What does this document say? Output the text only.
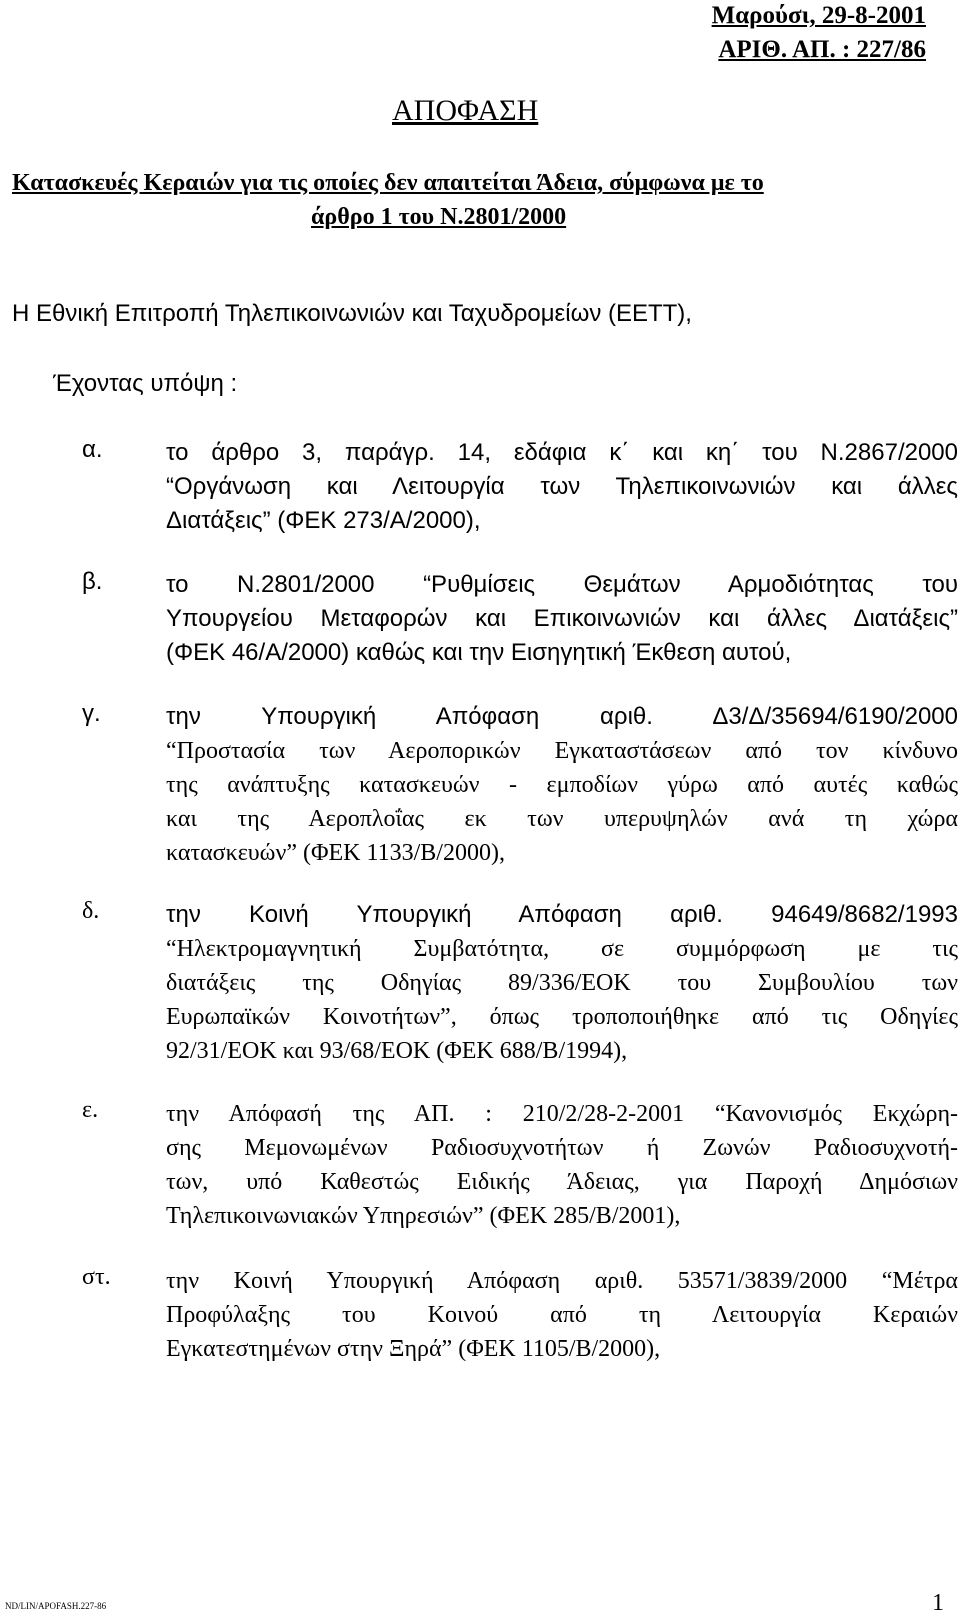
Μαρούσι, 29-8-2001
ΑΡΙΘ. ΑΠ. : 227/86
ΑΠΟΦΑΣΗ
Κατασκευές Κεραιών για τις οποίες δεν απαιτείται Άδεια, σύμφωνα με το
άρθρο 1 του Ν.2801/2000
Η Εθνική Επιτροπή Τηλεπικοινωνιών και Ταχυδρομείων (ΕΕΤΤ),
Έχοντας υπόψη :
α.	το άρθρο 3, παράγρ. 14, εδάφια κ΄ και κη΄ του Ν.2867/2000
“Οργάνωση και Λειτουργία των Τηλεπικοινωνιών και άλλες
Διατάξεις” (ΦΕΚ 273/Α/2000),
β.	το Ν.2801/2000 “Ρυθμίσεις Θεμάτων Αρμοδιότητας του
Υπουργείου Μεταφορών και Επικοινωνιών και άλλες Διατάξεις”
(ΦΕΚ 46/Α/2000) καθώς και την Εισηγητική Έκθεση αυτού,
γ.	την Υπουργική Απόφαση αριθ. Δ3/Δ/35694/6190/2000
“Προστασία των Αεροπορικών Εγκαταστάσεων από τον κίνδυνο
της ανάπτυξης κατασκευών - εμποδίων γύρω από αυτές καθώς
και της Αεροπλοΐας εκ των υπερυψηλών ανά τη χώρα
κατασκευών” (ΦΕΚ 1133/Β/2000),
δ.	την Κοινή Υπουργική Απόφαση αριθ. 94649/8682/1993
“Ηλεκτρομαγνητική Συμβατότητα, σε συμμόρφωση με τις
διατάξεις της Οδηγίας 89/336/ΕΟΚ του Συμβουλίου των
Ευρωπαϊκών Κοινοτήτων”, όπως τροποποιήθηκε από τις Οδηγίες
92/31/ΕΟΚ και 93/68/ΕΟΚ (ΦΕΚ 688/Β/1994),
ε.	την Απόφασή της ΑΠ. : 210/2/28-2-2001 “Κανονισμός Εκχώρη-
σης Μεμονωμένων Ραδιοσυχνοτήτων ή Ζωνών Ραδιοσυχνοτή-
των, υπό Καθεστώς Ειδικής Άδειας, για Παροχή Δημόσιων
Τηλεπικοινωνιακών Υπηρεσιών” (ΦΕΚ 285/Β/2001),
στ. την Κοινή Υπουργική Απόφαση αριθ. 53571/3839/2000 “Μέτρα
Προφύλαξης του Κοινού από τη Λειτουργία Κεραιών
Εγκατεστημένων στην Ξηρά” (ΦΕΚ 1105/Β/2000),
ND/LIN/APOFASH.227-86	1
